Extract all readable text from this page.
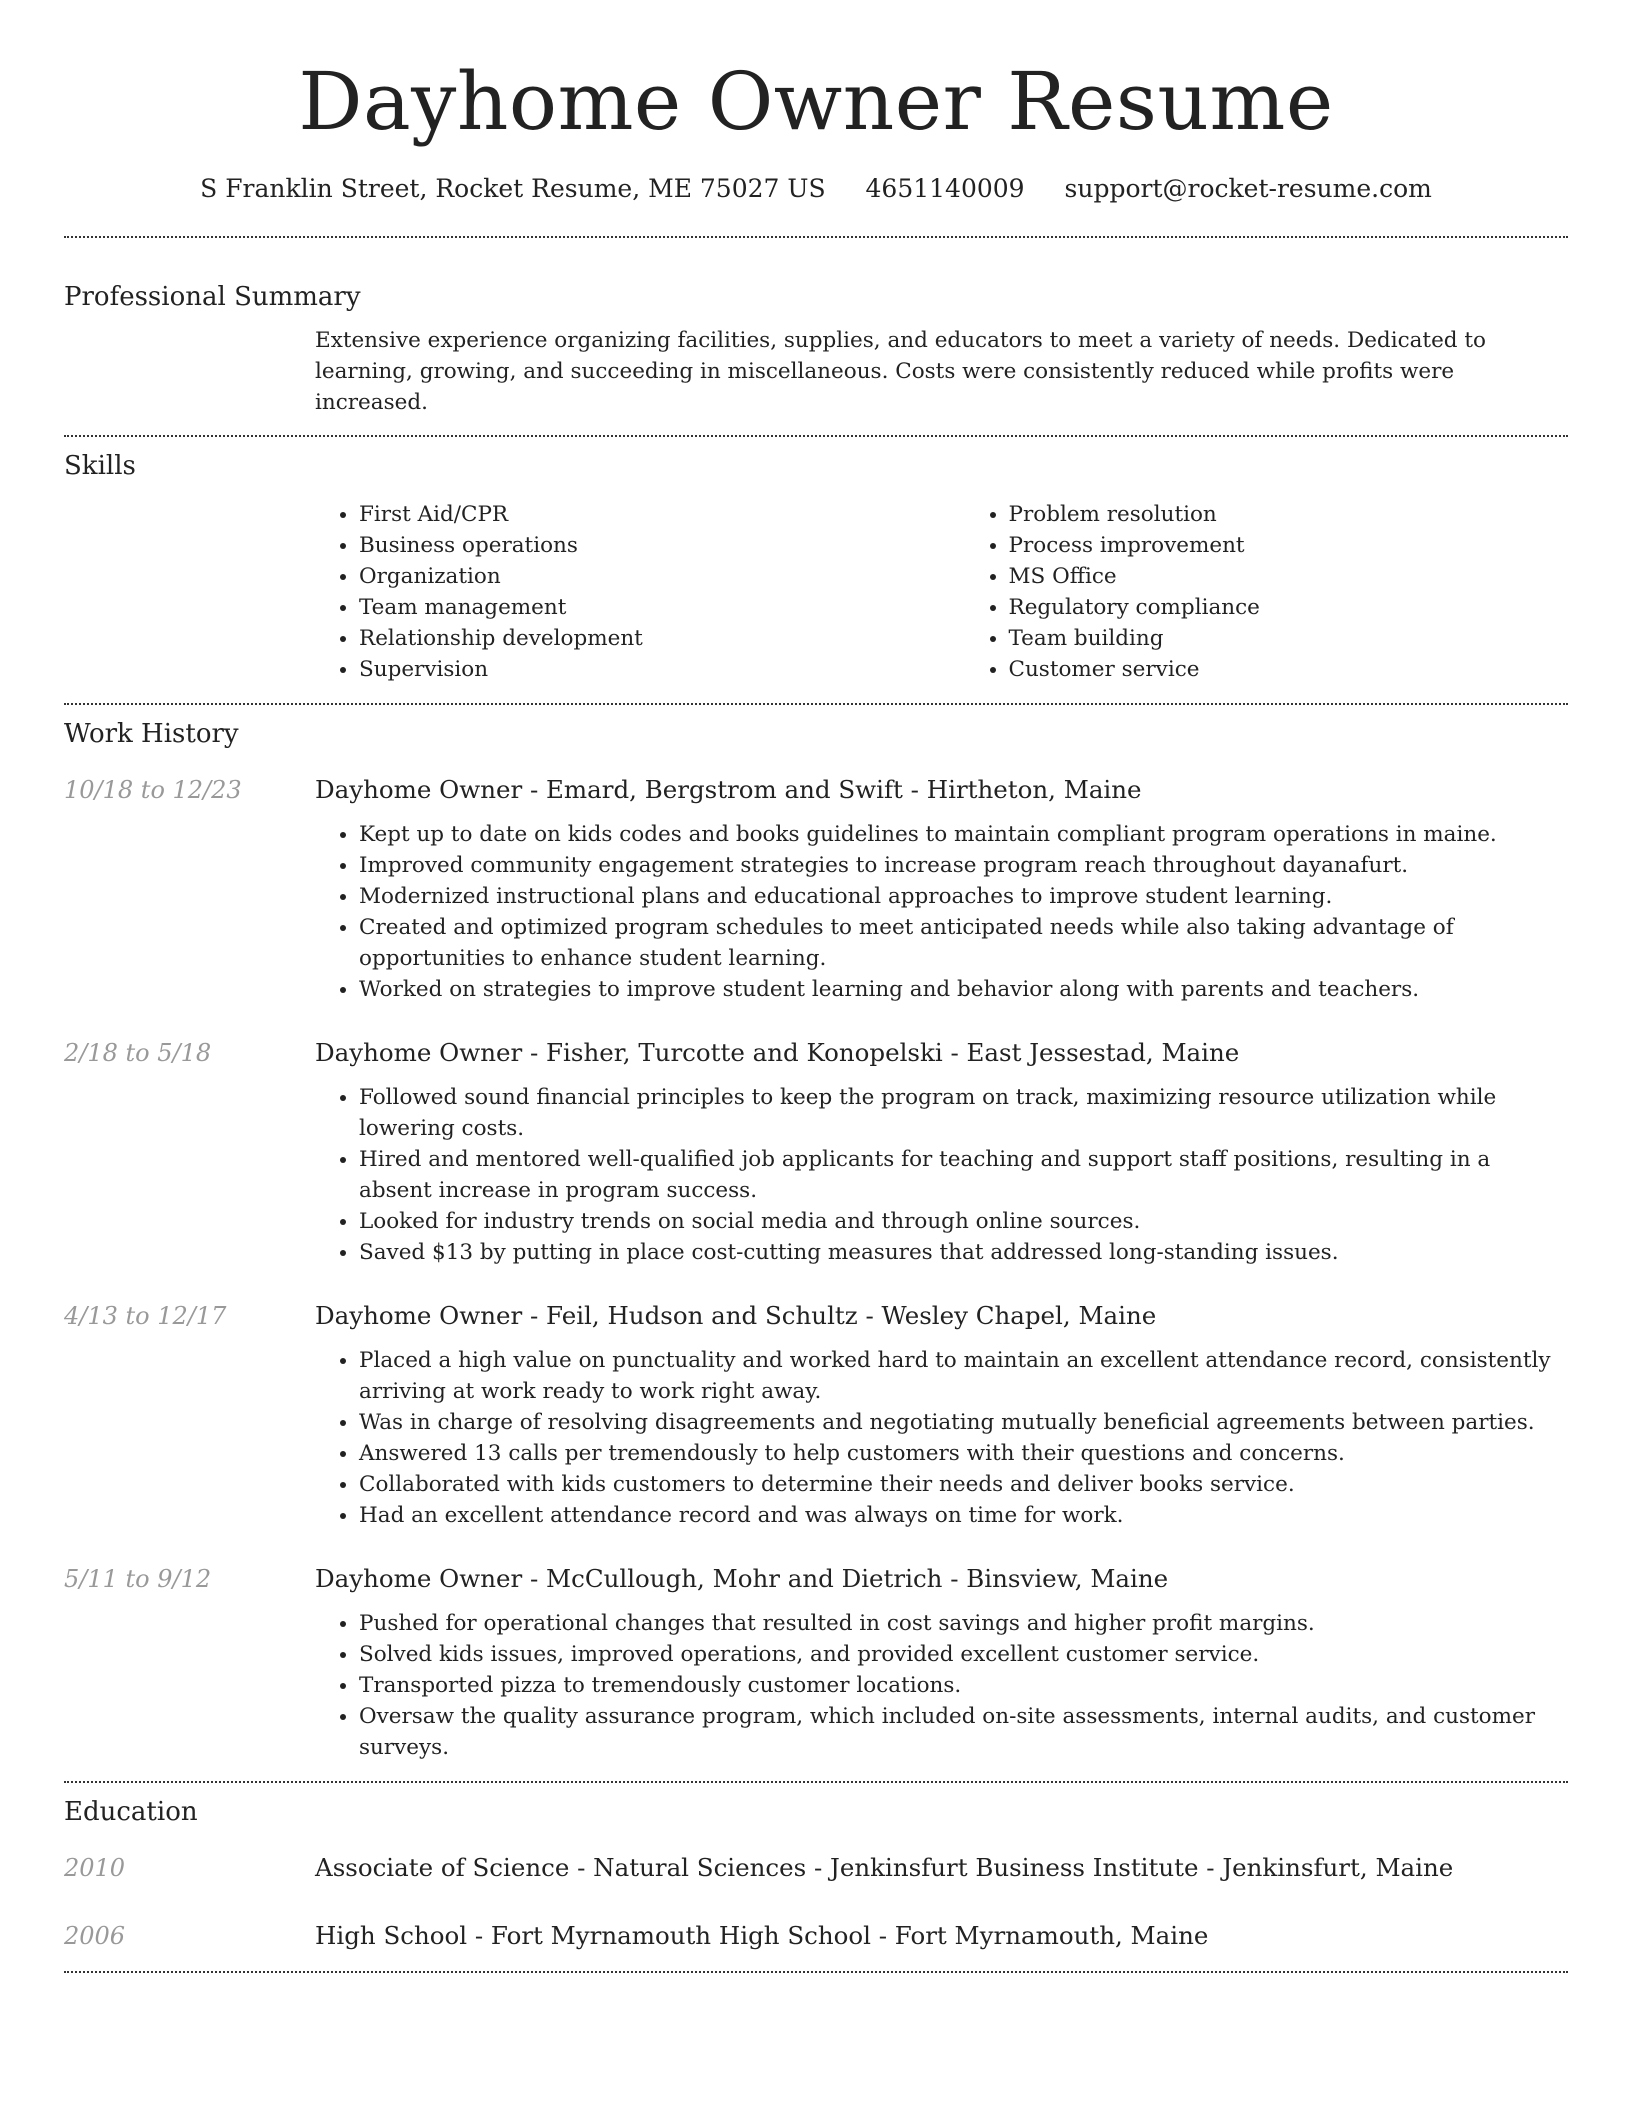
Dayhome Owner Resume
S Franklin Street, Rocket Resume, ME 75027 US 4651140009 support@rocket-resume.com
Professional Summary

Extensive experience organizing facilities, supplies, and educators to meet a variety of needs. Dedicated to learning, growing, and succeeding in miscellaneous. Costs were consistently reduced while profits were increased.

Skills
• First Aid/CPR
• Business operations
• Organization
• Team management
• Relationship development
• Supervision
• Problem resolution
• Process improvement
• MS Office
• Regulatory compliance
• Team building
• Customer service
Work History
10/18 to 12/23	Dayhome Owner - Emard, Bergstrom and Swift - Hirtheton, Maine

• Kept up to date on kids codes and books guidelines to maintain compliant program operations in maine.
• Improved community engagement strategies to increase program reach throughout dayanafurt.
• Modernized instructional plans and educational approaches to improve student learning.
• Created and optimized program schedules to meet anticipated needs while also taking advantage of opportunities to enhance student learning.
• Worked on strategies to improve student learning and behavior along with parents and teachers.
2/18 to 5/18	Dayhome Owner - Fisher, Turcotte and Konopelski - East Jessestad, Maine

• Followed sound financial principles to keep the program on track, maximizing resource utilization while lowering costs.
• Hired and mentored well-qualified job applicants for teaching and support staff positions, resulting in a absent increase in program success.
• Looked for industry trends on social media and through online sources.
• Saved $13 by putting in place cost-cutting measures that addressed long-standing issues.
4/13 to 12/17	Dayhome Owner - Feil, Hudson and Schultz - Wesley Chapel, Maine

• Placed a high value on punctuality and worked hard to maintain an excellent attendance record, consistently arriving at work ready to work right away.
• Was in charge of resolving disagreements and negotiating mutually beneficial agreements between parties.
• Answered 13 calls per tremendously to help customers with their questions and concerns.
• Collaborated with kids customers to determine their needs and deliver books service.
• Had an excellent attendance record and was always on time for work.
5/11 to 9/12	Dayhome Owner - McCullough, Mohr and Dietrich - Binsview, Maine

• Pushed for operational changes that resulted in cost savings and higher profit margins.
• Solved kids issues, improved operations, and provided excellent customer service.
• Transported pizza to tremendously customer locations.
• Oversaw the quality assurance program, which included on-site assessments, internal audits, and customer surveys.
Education
2010	Associate of Science - Natural Sciences - Jenkinsfurt Business Institute - Jenkinsfurt, Maine

2006	High School - Fort Myrnamouth High School - Fort Myrnamouth, Maine
